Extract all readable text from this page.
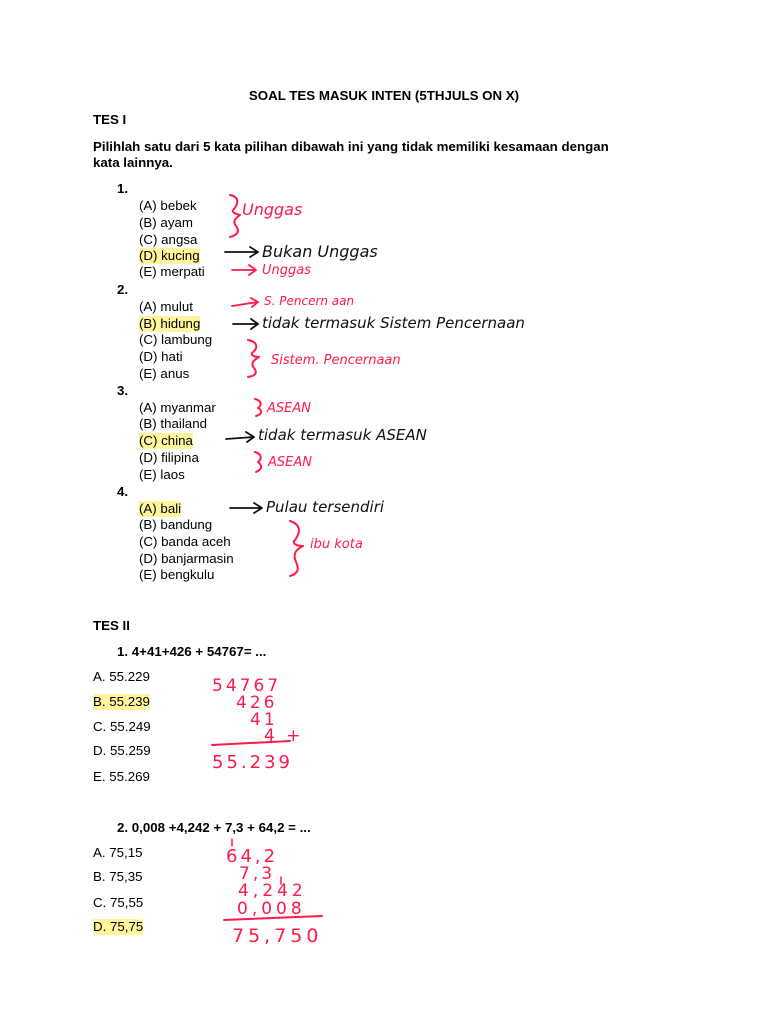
SOAL TES MASUK INTEN (5THJULS ON X)
TES I
Pilihlah satu dari 5 kata pilihan dibawah ini yang tidak memiliki kesamaan dengan
kata lainnya.
1.
(A) bebek
(B) ayam
(C) angsa
(D) kucing
(E) merpati
2.
(A) mulut
(B) hidung
(C) lambung
(D) hati
(E) anus
3.
(A) myanmar
(B) thailand
(C) china
(D) filipina
(E) laos
4.
(A) bali
(B) bandung
(C) banda aceh
(D) banjarmasin
(E) bengkulu
TES II
1. 4+41+426 + 54767= ...
A. 55.229
B. 55.239
C. 55.249
D. 55.259
E. 55.269
2. 0,008 +4,242 + 7,3 + 64,2 = ...
A. 75,15
B. 75,35
C. 75,55
D. 75,75
Unggas
Bukan Unggas
Unggas
S. Pencern aan
tidak termasuk Sistem Pencernaan
Sistem. Pencernaan
ASEAN
tidak termasuk ASEAN
ASEAN
Pulau tersendiri
ibu kota
54767
426
41
4 +
55.239
64,2
7,3
4,242
0,008
75,750
